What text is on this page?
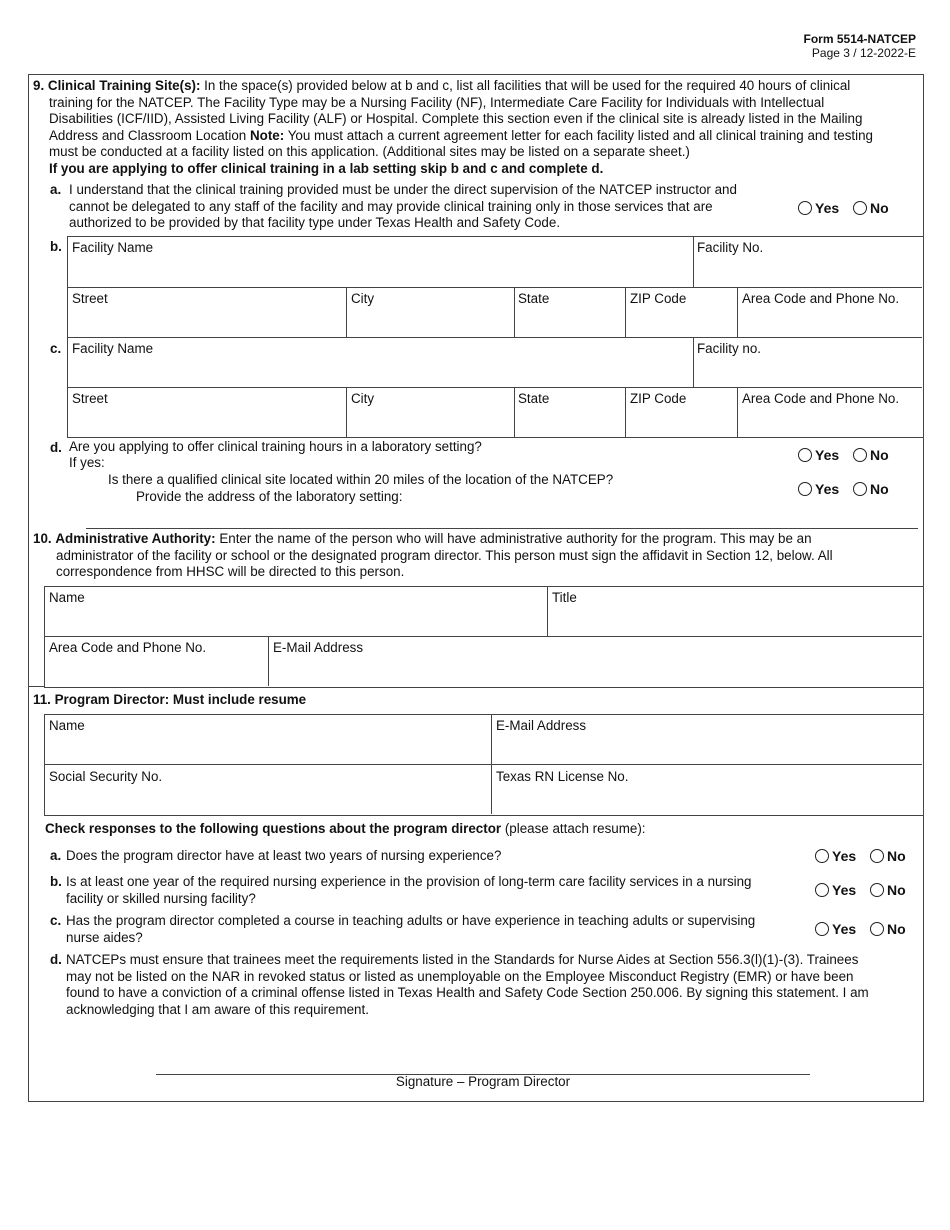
Form 5514-NATCEP
Page 3 / 12-2022-E
9. Clinical Training Site(s): In the space(s) provided below at b and c, list all facilities that will be used for the required 40 hours of clinical
training for the NATCEP. The Facility Type may be a Nursing Facility (NF), Intermediate Care Facility for Individuals with Intellectual
Disabilities (ICF/IID), Assisted Living Facility (ALF) or Hospital. Complete this section even if the clinical site is already listed in the Mailing
Address and Classroom Location Note: You must attach a current agreement letter for each facility listed and all clinical training and testing
must be conducted at a facility listed on this application. (Additional sites may be listed on a separate sheet.)
If you are applying to offer clinical training in a lab setting skip b and c and complete d.
a. I understand that the clinical training provided must be under the direct supervision of the NATCEP instructor and
cannot be delegated to any staff of the facility and may provide clinical training only in those services that are
authorized to be provided by that facility type under Texas Health and Safety Code.
Yes No
b. Facility Name	Facility No.
Street	City	State	ZIP Code	Area Code and Phone No.
c. Facility Name	Facility no.
Street	City	State	ZIP Code	Area Code and Phone No.
d. Are you applying to offer clinical training hours in a laboratory setting?
If yes:
Is there a qualified clinical site located within 20 miles of the location of the NATCEP?
Provide the address of the laboratory setting:
Yes No
Yes No
10. Administrative Authority: Enter the name of the person who will have administrative authority for the program. This may be an
administrator of the facility or school or the designated program director. This person must sign the affidavit in Section 12, below. All
correspondence from HHSC will be directed to this person.
Name	Title
Area Code and Phone No.	E-Mail Address
11. Program Director: Must include resume
Name	E-Mail Address
Social Security No.	Texas RN License No.
Check responses to the following questions about the program director (please attach resume):
a. Does the program director have at least two years of nursing experience?	Yes No
b. Is at least one year of the required nursing experience in the provision of long-term care facility services in a nursing
facility or skilled nursing facility?	Yes No
c. Has the program director completed a course in teaching adults or have experience in teaching adults or supervising
nurse aides?	Yes No
d. NATCEPs must ensure that trainees meet the requirements listed in the Standards for Nurse Aides at Section 556.3(l)(1)-(3). Trainees
may not be listed on the NAR in revoked status or listed as unemployable on the Employee Misconduct Registry (EMR) or have been
found to have a conviction of a criminal offense listed in Texas Health and Safety Code Section 250.006. By signing this statement. I am
acknowledging that I am aware of this requirement.
Signature – Program Director
